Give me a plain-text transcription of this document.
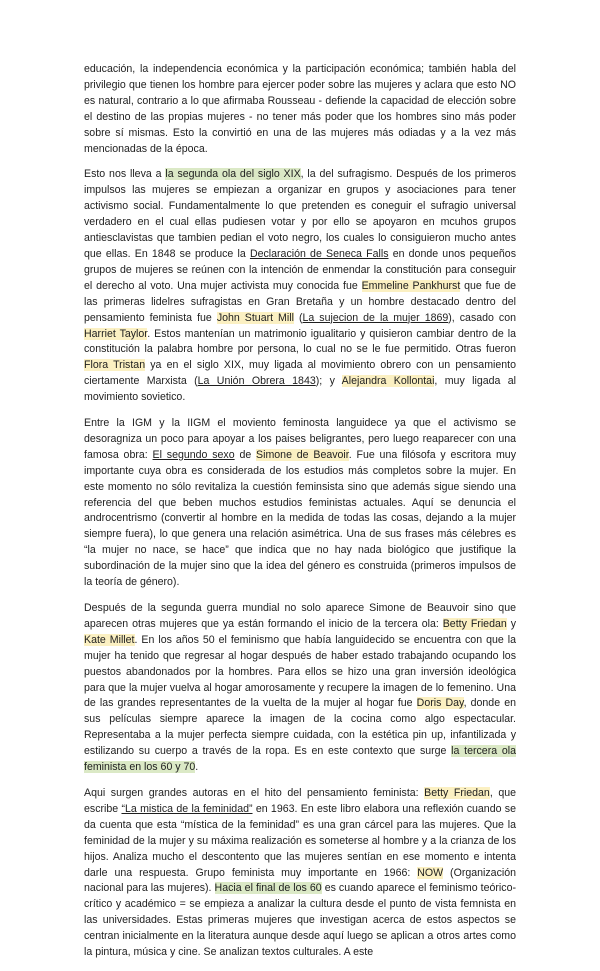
educación, la independencia económica y la participación económica; también habla del privilegio que tienen los hombre para ejercer poder sobre las mujeres y aclara que esto NO es natural, contrario a lo que afirmaba Rousseau - defiende la capacidad de elección sobre el destino de las propias mujeres - no tener más poder que los hombres sino más poder sobre sí mismas. Esto la convirtió en una de las mujeres más odiadas y a la vez más mencionadas de la época.

Esto nos lleva a la segunda ola del siglo XIX, la del sufragismo. Después de los primeros impulsos las mujeres se empiezan a organizar en grupos y asociaciones para tener activismo social. Fundamentalmente lo que pretenden es coneguir el sufragio universal verdadero en el cual ellas pudiesen votar y por ello se apoyaron en mcuhos grupos antiesclavistas que tambien pedian el voto negro, los cuales lo consiguieron mucho antes que ellas. En 1848 se produce la Declaración de Seneca Falls en donde unos pequeños grupos de mujeres se reúnen con la intención de enmendar la constitución para conseguir el derecho al voto. Una mujer activista muy conocida fue Emmeline Pankhurst que fue de las primeras lidelres sufragistas en Gran Bretaña y un hombre destacado dentro del pensamiento feminista fue John Stuart Mill (La sujecion de la mujer 1869), casado con Harriet Taylor. Estos mantenían un matrimonio igualitario y quisieron cambiar dentro de la constitución la palabra hombre por persona, lo cual no se le fue permitido. Otras fueron Flora Tristan ya en el siglo XIX, muy ligada al movimiento obrero con un pensamiento ciertamente Marxista (La Unión Obrera 1843); y Alejandra Kollontai, muy ligada al movimiento sovietico.

Entre la IGM y la IIGM el moviento feminosta languidece ya que el activismo se desoragniza un poco para apoyar a los paises beligrantes, pero luego reaparecer con una famosa obra: El segundo sexo de Simone de Beavoir. Fue una filósofa y escritora muy importante cuya obra es considerada de los estudios más completos sobre la mujer. En este momento no sólo revitaliza la cuestión feminsista sino que además sigue siendo una referencia del que beben muchos estudios feministas actuales. Aquí se denuncia el androcentrismo (convertir al hombre en la medida de todas las cosas, dejando a la mujer siempre fuera), lo que genera una relación asimétrica. Una de sus frases más célebres es “la mujer no nace, se hace” que indica que no hay nada biológico que justifique la subordinación de la mujer sino que la idea del género es construida (primeros impulsos de la teoría de género).

Después de la segunda guerra mundial no solo aparece Simone de Beauvoir sino que aparecen otras mujeres que ya están formando el inicio de la tercera ola: Betty Friedan y Kate Millet. En los años 50 el feminismo que había languidecido se encuentra con que la mujer ha tenido que regresar al hogar después de haber estado trabajando ocupando los puestos abandonados por la hombres. Para ellos se hizo una gran inversión ideológica para que la mujer vuelva al hogar amorosamente y recupere la imagen de lo femenino. Una de las grandes representantes de la vuelta de la mujer al hogar fue Doris Day, donde en sus películas siempre aparece la imagen de la cocina como algo espectacular. Representaba a la mujer perfecta siempre cuidada, con la estética pin up, infantilizada y estilizando su cuerpo a través de la ropa. Es en este contexto que surge la tercera ola feminista en los 60 y 70.

Aqui surgen grandes autoras en el hito del pensamiento feminista: Betty Friedan, que escribe “La mistica de la feminidad” en 1963. En este libro elabora una reflexión cuando se da cuenta que esta “mística de la feminidad” es una gran cárcel para las mujeres. Que la feminidad de la mujer y su máxima realización es someterse al hombre y a la crianza de los hijos. Analiza mucho el descontento que las mujeres sentían en ese momento e intenta darle una respuesta. Grupo feminista muy importante en 1966: NOW (Organización nacional para las mujeres). Hacia el final de los 60 es cuando aparece el feminismo teórico-crítico y académico = se empieza a analizar la cultura desde el punto de vista femnista en las universidades. Estas primeras mujeres que investigan acerca de estos aspectos se centran inicialmente en la literatura aunque desde aquí luego se aplican a otros artes como la pintura, música y cine. Se analizan textos culturales. A este
